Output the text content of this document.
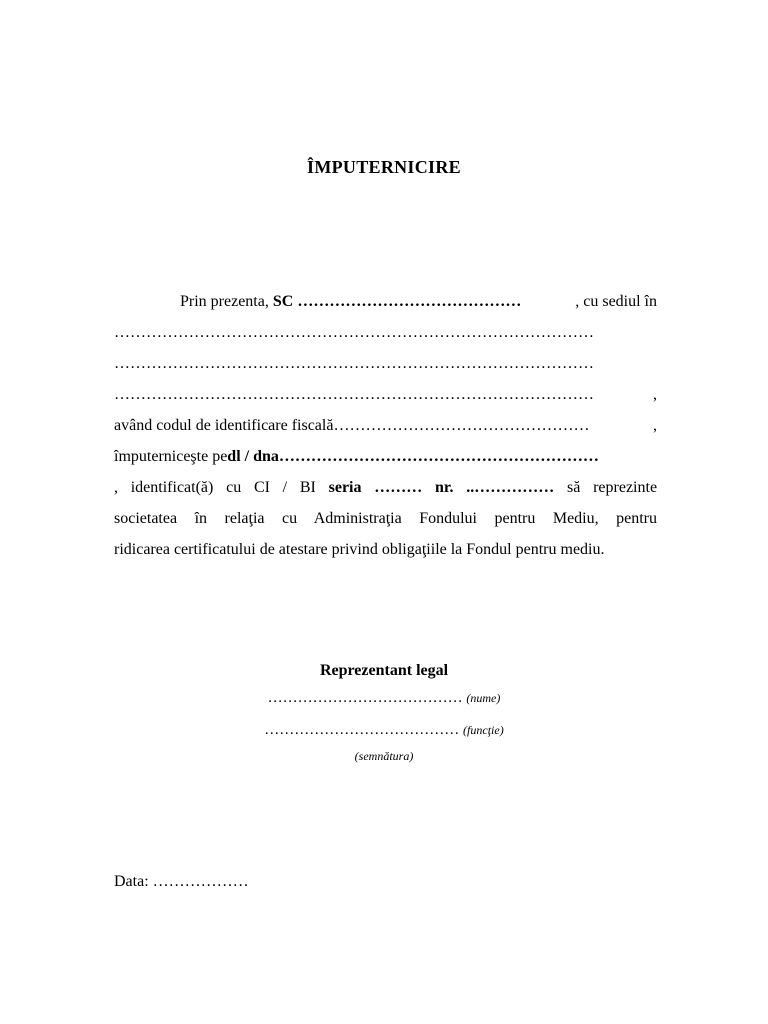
ÎMPUTERNICIRE
Prin prezenta,
SC
……………………………………	, cu sediul în
………………………………………………………………………………
………………………………………………………………………………
………………………………………………………………………………	,
având codul de identificare fiscală …………………………………………	,
împuterniceşte pe dl / dna ……………………………………………………
, identificat(ă) cu CI / BI seria ……… nr. ..…………… să reprezinte
societatea în relaţia cu Administraţia Fondului pentru Mediu, pentru
ridicarea certificatului de atestare privind obligaţiile la Fondul pentru mediu.
Reprezentant legal
………………………………… (nume)
………………………………… (funcţie)
(semnătura)
Data: ………………
